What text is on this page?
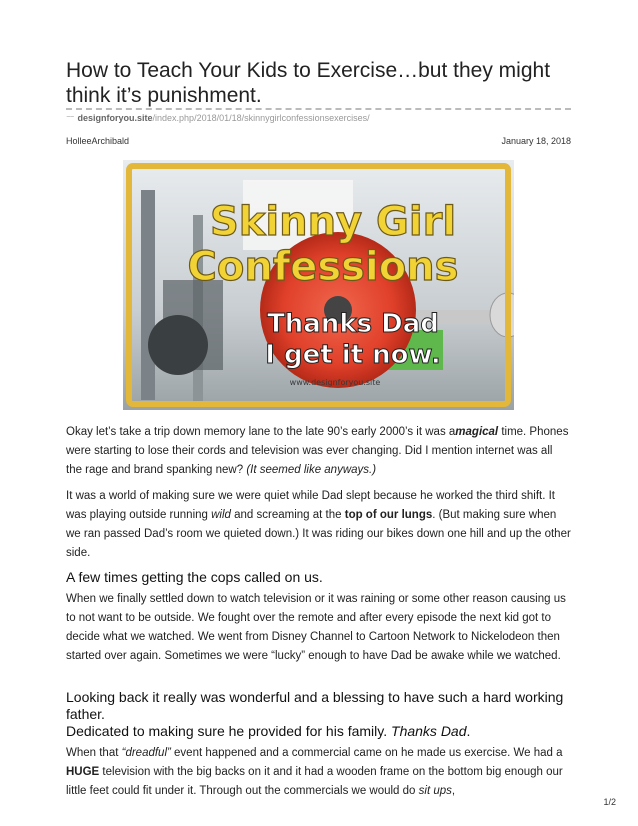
How to Teach Your Kids to Exercise…but they might think it’s punishment.
⁻⁻ designforyou.site/index.php/2018/01/18/skinnygirlconfessionsexercises/
HolleeArchibald	January 18, 2018
Skinny Girl
Confessions
Thanks Dad
I get it now.
www.designforyou.site

Okay let’s take a trip down memory lane to the late 90’s early 2000’s it was amagical time. Phones were starting to lose their cords and television was ever changing. Did I mention internet was all the rage and brand spanking new? (It seemed like anyways.)

It was a world of making sure we were quiet while Dad slept because he worked the third shift. It was playing outside running wild and screaming at the top of our lungs. (But making sure when we ran passed Dad’s room we quieted down.) It was riding our bikes down one hill and up the other side.

A few times getting the cops called on us.

When we finally settled down to watch television or it was raining or some other reason causing us to not want to be outside. We fought over the remote and after every episode the next kid got to decide what we watched. We went from Disney Channel to Cartoon Network to Nickelodeon then started over again. Sometimes we were “lucky” enough to have Dad be awake while we watched.

Looking back it really was wonderful and a blessing to have such a hard working father.
Dedicated to making sure he provided for his family. Thanks Dad.

When that “dreadful” event happened and a commercial came on he made us exercise. We had a HUGE television with the big backs on it and it had a wooden frame on the bottom big enough our little feet could fit under it. Through out the commercials we would do sit ups,

1/2
